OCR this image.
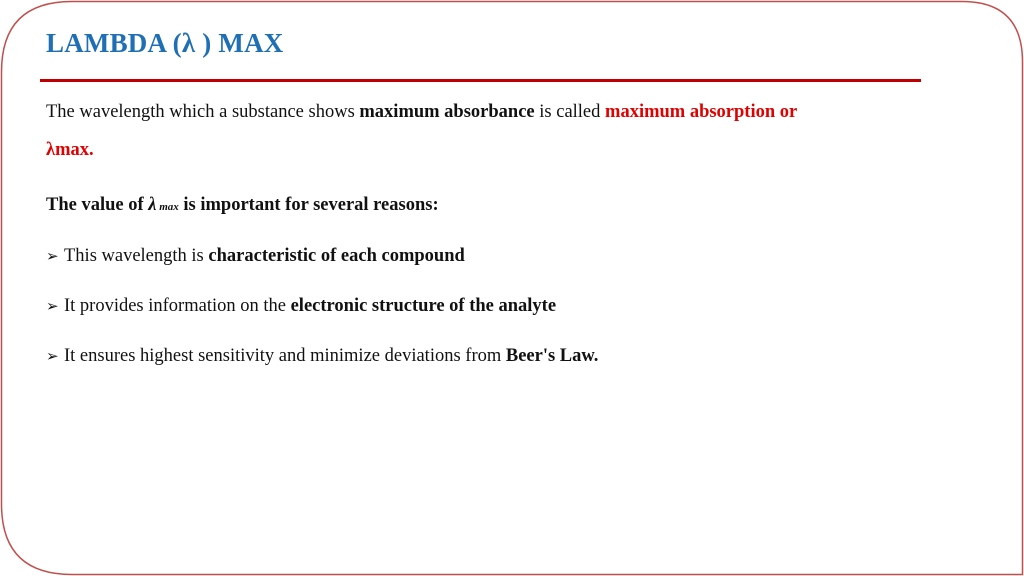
LAMBDA (λ ) MAX
The wavelength which a substance shows maximum absorbance is called maximum absorption or λmax.
The value of λ max is important for several reasons:
➢ This wavelength is characteristic of each compound
➢ It provides information on the electronic structure of the analyte
➢ It ensures highest sensitivity and minimize deviations from Beer's Law.
